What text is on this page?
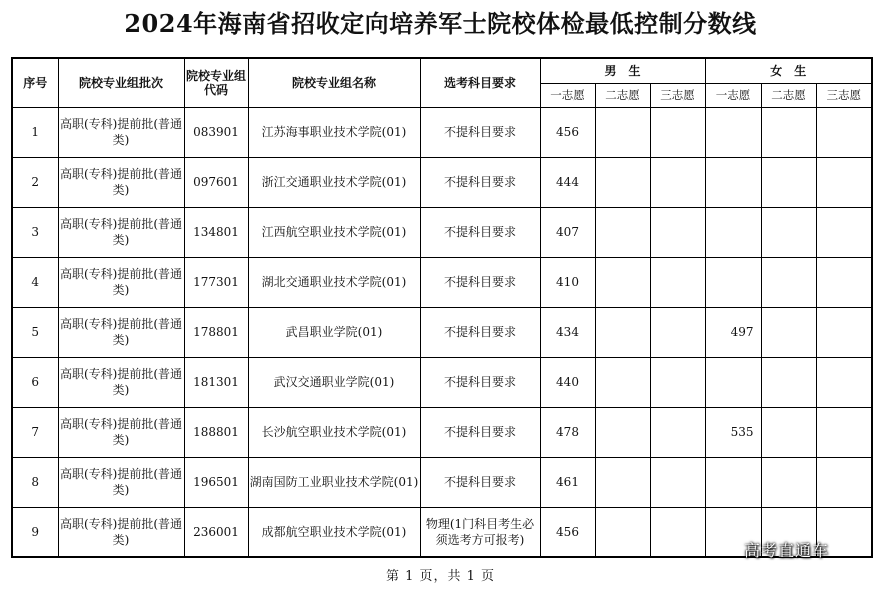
2024年海南省招收定向培养军士院校体检最低控制分数线
序号	院校专业组批次	院校专业组代码	院校专业组名称	选考科目要求	男　生			女　生		
					一志愿	二志愿	三志愿	一志愿	二志愿	三志愿
1	高职(专科)提前批(普通类)	083901	江苏海事职业技术学院(01)	不提科目要求	456					
2	高职(专科)提前批(普通类)	097601	浙江交通职业技术学院(01)	不提科目要求	444					
3	高职(专科)提前批(普通类)	134801	江西航空职业技术学院(01)	不提科目要求	407					
4	高职(专科)提前批(普通类)	177301	湖北交通职业技术学院(01)	不提科目要求	410					
5	高职(专科)提前批(普通类)	178801	武昌职业学院(01)	不提科目要求	434			497		
6	高职(专科)提前批(普通类)	181301	武汉交通职业学院(01)	不提科目要求	440					
7	高职(专科)提前批(普通类)	188801	长沙航空职业技术学院(01)	不提科目要求	478			535		
8	高职(专科)提前批(普通类)	196501	湖南国防工业职业技术学院(01)	不提科目要求	461					
9	高职(专科)提前批(普通类)	236001	成都航空职业技术学院(01)	物理(1门科目考生必须选考方可报考)	456					
第 1 页，共 1 页
高考直通车
